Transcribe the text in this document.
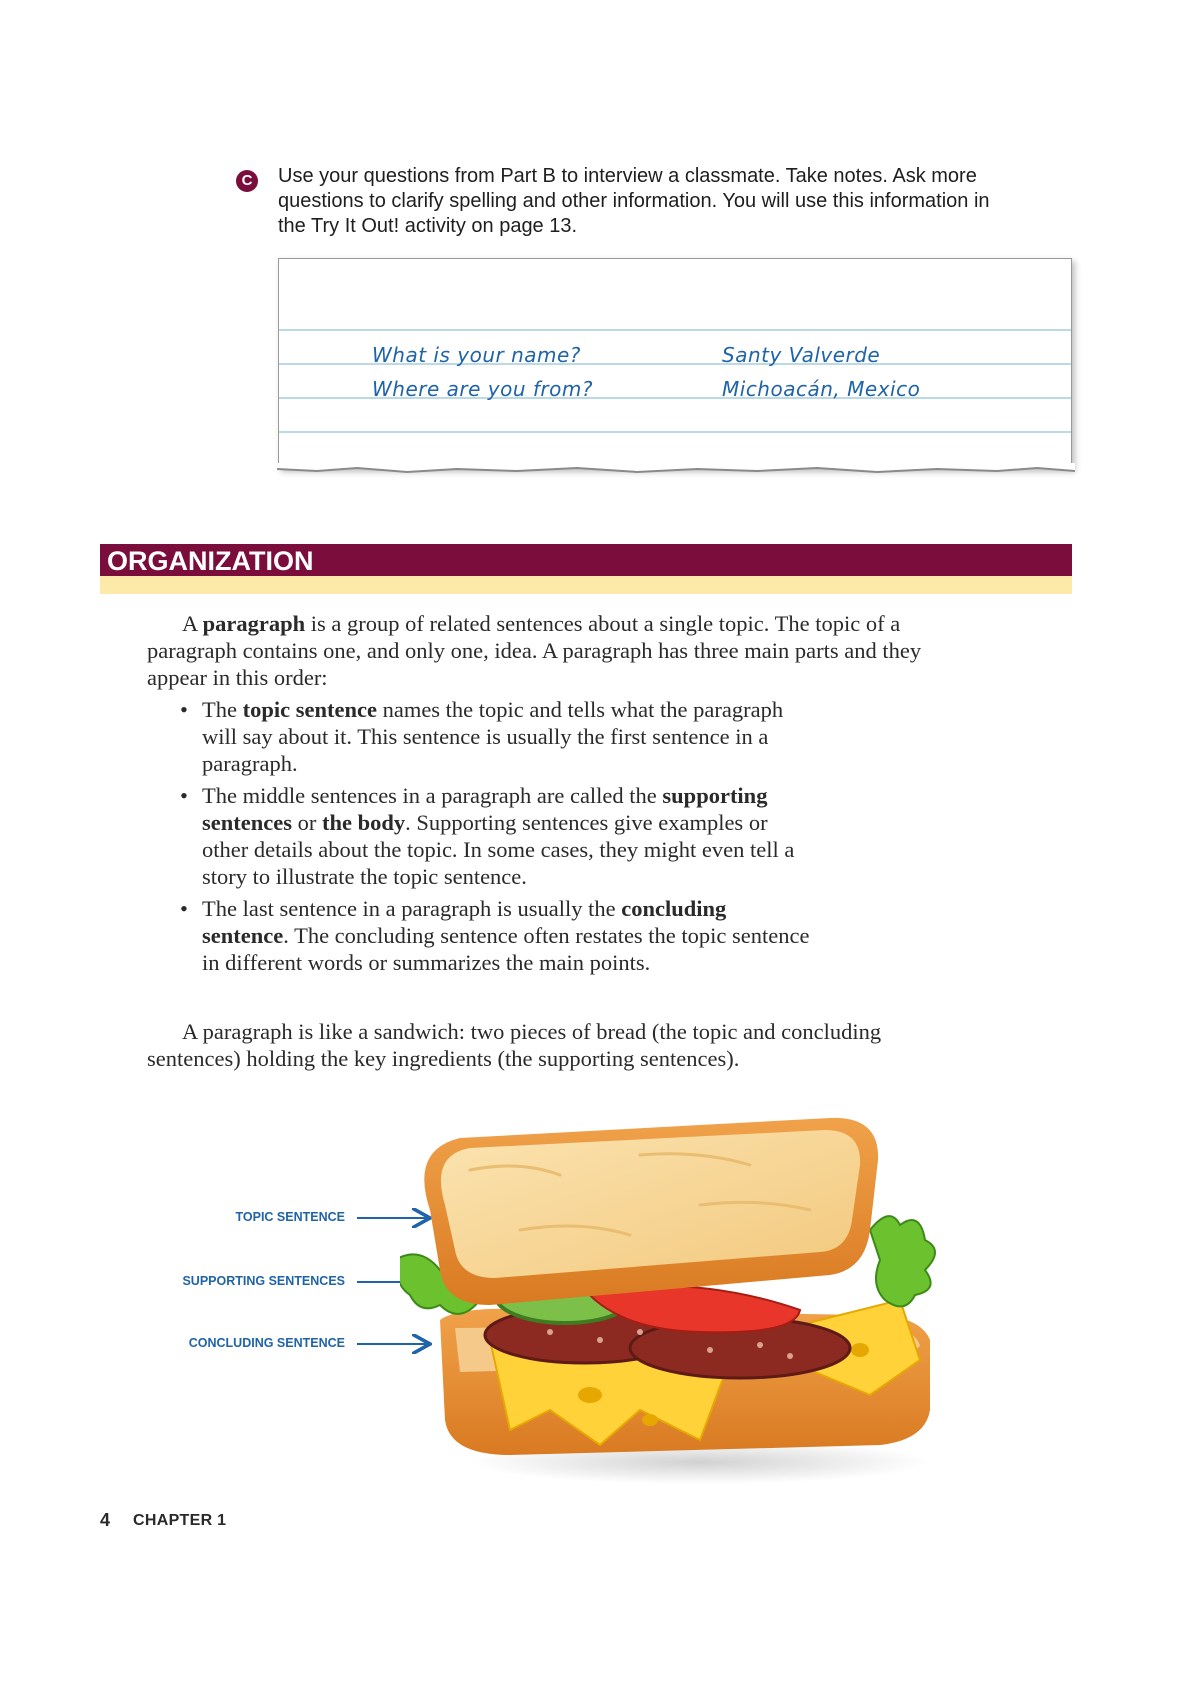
C Use your questions from Part B to interview a classmate. Take notes. Ask more questions to clarify spelling and other information. You will use this information in the Try It Out! activity on page 13.
What is your name?	Santy Valverde
Where are you from?	Michoacán, Mexico
ORGANIZATION
A paragraph is a group of related sentences about a single topic. The topic of a paragraph contains one, and only one, idea. A paragraph has three main parts and they appear in this order:
• The topic sentence names the topic and tells what the paragraph will say about it. This sentence is usually the first sentence in a paragraph.
• The middle sentences in a paragraph are called the supporting sentences or the body. Supporting sentences give examples or other details about the topic. In some cases, they might even tell a story to illustrate the topic sentence.
• The last sentence in a paragraph is usually the concluding sentence. The concluding sentence often restates the topic sentence in different words or summarizes the main points.
A paragraph is like a sandwich: two pieces of bread (the topic and concluding sentences) holding the key ingredients (the supporting sentences).
TOPIC SENTENCE
SUPPORTING SENTENCES
CONCLUDING SENTENCE
4 CHAPTER 1
